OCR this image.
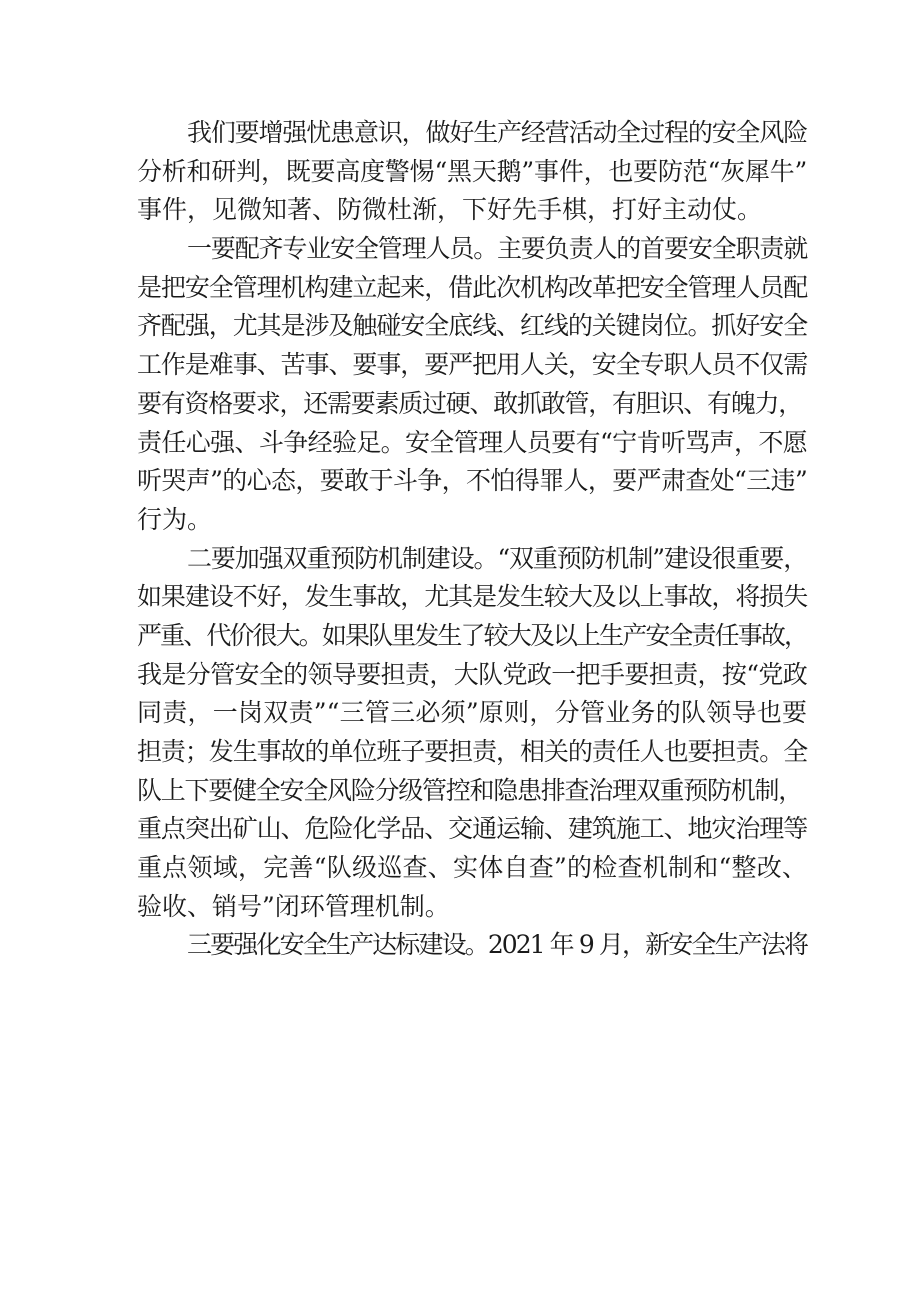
我们要增强忧患意识，做好生产经营活动全过程的安全风险
分析和研判，既要高度警惕“黑天鹅”事件，也要防范“灰犀牛”
事件，见微知著、防微杜渐，下好先手棋，打好主动仗。
一要配齐专业安全管理人员。主要负责人的首要安全职责就
是把安全管理机构建立起来，借此次机构改革把安全管理人员配
齐配强，尤其是涉及触碰安全底线、红线的关键岗位。抓好安全
工作是难事、苦事、要事，要严把用人关，安全专职人员不仅需
要有资格要求，还需要素质过硬、敢抓敢管，有胆识、有魄力，
责任心强、斗争经验足。安全管理人员要有“宁肯听骂声，不愿
听哭声”的心态，要敢于斗争，不怕得罪人，要严肃查处“三违”
行为。
二要加强双重预防机制建设。“双重预防机制”建设很重要，
如果建设不好，发生事故，尤其是发生较大及以上事故，将损失
严重、代价很大。如果队里发生了较大及以上生产安全责任事故，
我是分管安全的领导要担责，大队党政一把手要担责，按“党政
同责，一岗双责”“三管三必须”原则，分管业务的队领导也要
担责；发生事故的单位班子要担责，相关的责任人也要担责。全
队上下要健全安全风险分级管控和隐患排查治理双重预防机制，
重点突出矿山、危险化学品、交通运输、建筑施工、地灾治理等
重点领域，完善“队级巡查、实体自查”的检查机制和“整改、
验收、销号”闭环管理机制。
三要强化安全生产达标建设。2021 年 9 月，新安全生产法将
